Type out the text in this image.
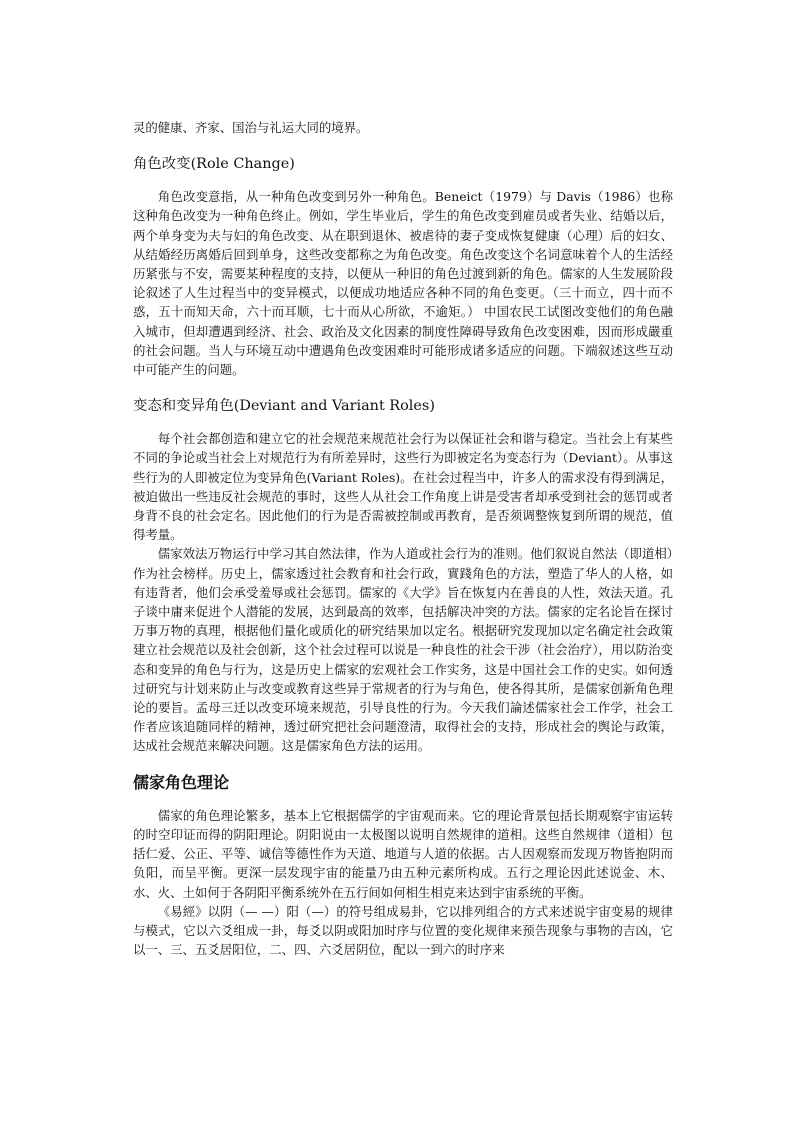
灵的健康、齐家、国治与礼运大同的境界。

角色改变(Role Change)

角色改变意指，从一种角色改变到另外一种角色。Beneict（1979）与 Davis（1986）也称这种角色改变为一种角色终止。例如，学生毕业后，学生的角色改变到雇员或者失业、结婚以后，两个单身变为夫与妇的角色改变、从在职到退休、被虐待的妻子变成恢复健康（心理）后的妇女、从结婚经历离婚后回到单身，这些改变都称之为角色改变。角色改变这个名词意味着个人的生活经历紧张与不安，需要某种程度的支持，以便从一种旧的角色过渡到新的角色。儒家的人生发展阶段论叙述了人生过程当中的变异模式，以便成功地适应各种不同的角色变更。（三十而立，四十而不惑，五十而知天命，六十而耳顺，七十而从心所欲，不逾矩。） 中国农民工试图改变他们的角色融入城市，但却遭遇到经济、社会、政治及文化因素的制度性障碍导致角色改变困难，因而形成嚴重的社会问题。当人与环境互动中遭遇角色改变困难时可能形成诸多适应的问题。下端叙述这些互动中可能产生的问题。

变态和变异角色(Deviant and Variant Roles)

每个社会都创造和建立它的社会规范来规范社会行为以保证社会和谐与稳定。当社会上有某些不同的争论或当社会上对规范行为有所差异时，这些行为即被定名为变态行为（Deviant）。从事这些行为的人即被定位为变异角色(Variant Roles)。在社会过程当中，许多人的需求没有得到满足，被迫做出一些违反社会规范的事时，这些人从社会工作角度上讲是受害者却承受到社会的惩罚或者身背不良的社会定名。因此他们的行为是否需被控制或再教育，是否须调整恢复到所谓的规范，值得考量。

儒家效法万物运行中学习其自然法律，作为人道或社会行为的准则。他们叙说自然法（即道相）作为社会榜样。历史上，儒家透过社会教育和社会行政，實踐角色的方法，塑造了华人的人格，如有违背者，他们会承受羞辱或社会惩罚。儒家的《大学》旨在恢复内在善良的人性，效法天道。孔子谈中庸来促进个人潜能的发展，达到最高的效率，包括解决冲突的方法。儒家的定名论旨在探讨万事万物的真理，根据他们量化或质化的研究结果加以定名。根据研究发现加以定名确定社会政策建立社会规范以及社会创新，这个社会过程可以说是一种良性的社会干涉（社会治疗），用以防治变态和变异的角色与行为，这是历史上儒家的宏观社会工作实务，这是中国社会工作的史实。如何透过研究与计划来防止与改变或教育这些异于常规者的行为与角色，使各得其所，是儒家创新角色理论的要旨。孟母三迁以改变环境来规范，引导良性的行为。今天我们論述儒家社会工作学，社会工作者应该追随同样的精神，透过研究把社会问题澄清，取得社会的支持，形成社会的舆论与政策，达成社会规范来解决问题。这是儒家角色方法的运用。

儒家角色理论

儒家的角色理论繁多，基本上它根据儒学的宇宙观而来。它的理论背景包括长期观察宇宙运转的时空印证而得的阴阳理论。阴阳说由一太极图以说明自然规律的道相。这些自然规律（道相）包括仁爱、公正、平等、诚信等德性作为天道、地道与人道的依据。古人因观察而发现万物皆抱阴而负阳，而呈平衡。更深一层发现宇宙的能量乃由五种元素所构成。五行之理论因此述说金、木、水、火、土如何于各阴阳平衡系统外在五行间如何相生相克来达到宇宙系统的平衡。

《易經》以阴（— —）阳（—）的符号组成易卦，它以排列组合的方式来述说宇宙变易的规律与模式，它以六爻组成一卦，每爻以阴或阳加时序与位置的变化规律来预告现象与事物的吉凶，它以一、三、五爻居阳位，二、四、六爻居阴位，配以一到六的时序来
